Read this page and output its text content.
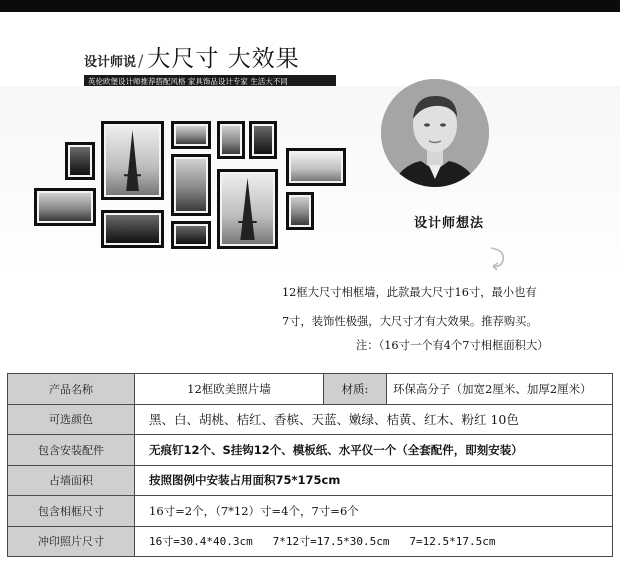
设计师说 / 大尺寸 大效果
英伦欧堡设计师推荐搭配风格 家具饰品设计专家 生活大不同
设计师想法
12框大尺寸相框墙，此款最大尺寸16寸，最小也有
7寸，装饰性极强，大尺寸才有大效果。推荐购买。
注：（16寸一个有4个7寸相框面积大）
产品名称	12框欧美照片墙	材质:	环保高分子（加宽2厘米、加厚2厘米）
可选颜色	黑、白、胡桃、桔红、香槟、天蓝、嫩绿、桔黄、红木、粉红 10色		
包含安装配件	无痕钉12个、S挂钩12个、模板纸、水平仪一个（全套配件，即刻安装）		
占墙面积	按照图例中安装占用面积75*175cm		
包含相框尺寸	16寸=2个，（7*12）寸=4个，7寸=6个		
冲印照片尺寸	16寸=30.4*40.3cm   7*12寸=17.5*30.5cm   7=12.5*17.5cm		
